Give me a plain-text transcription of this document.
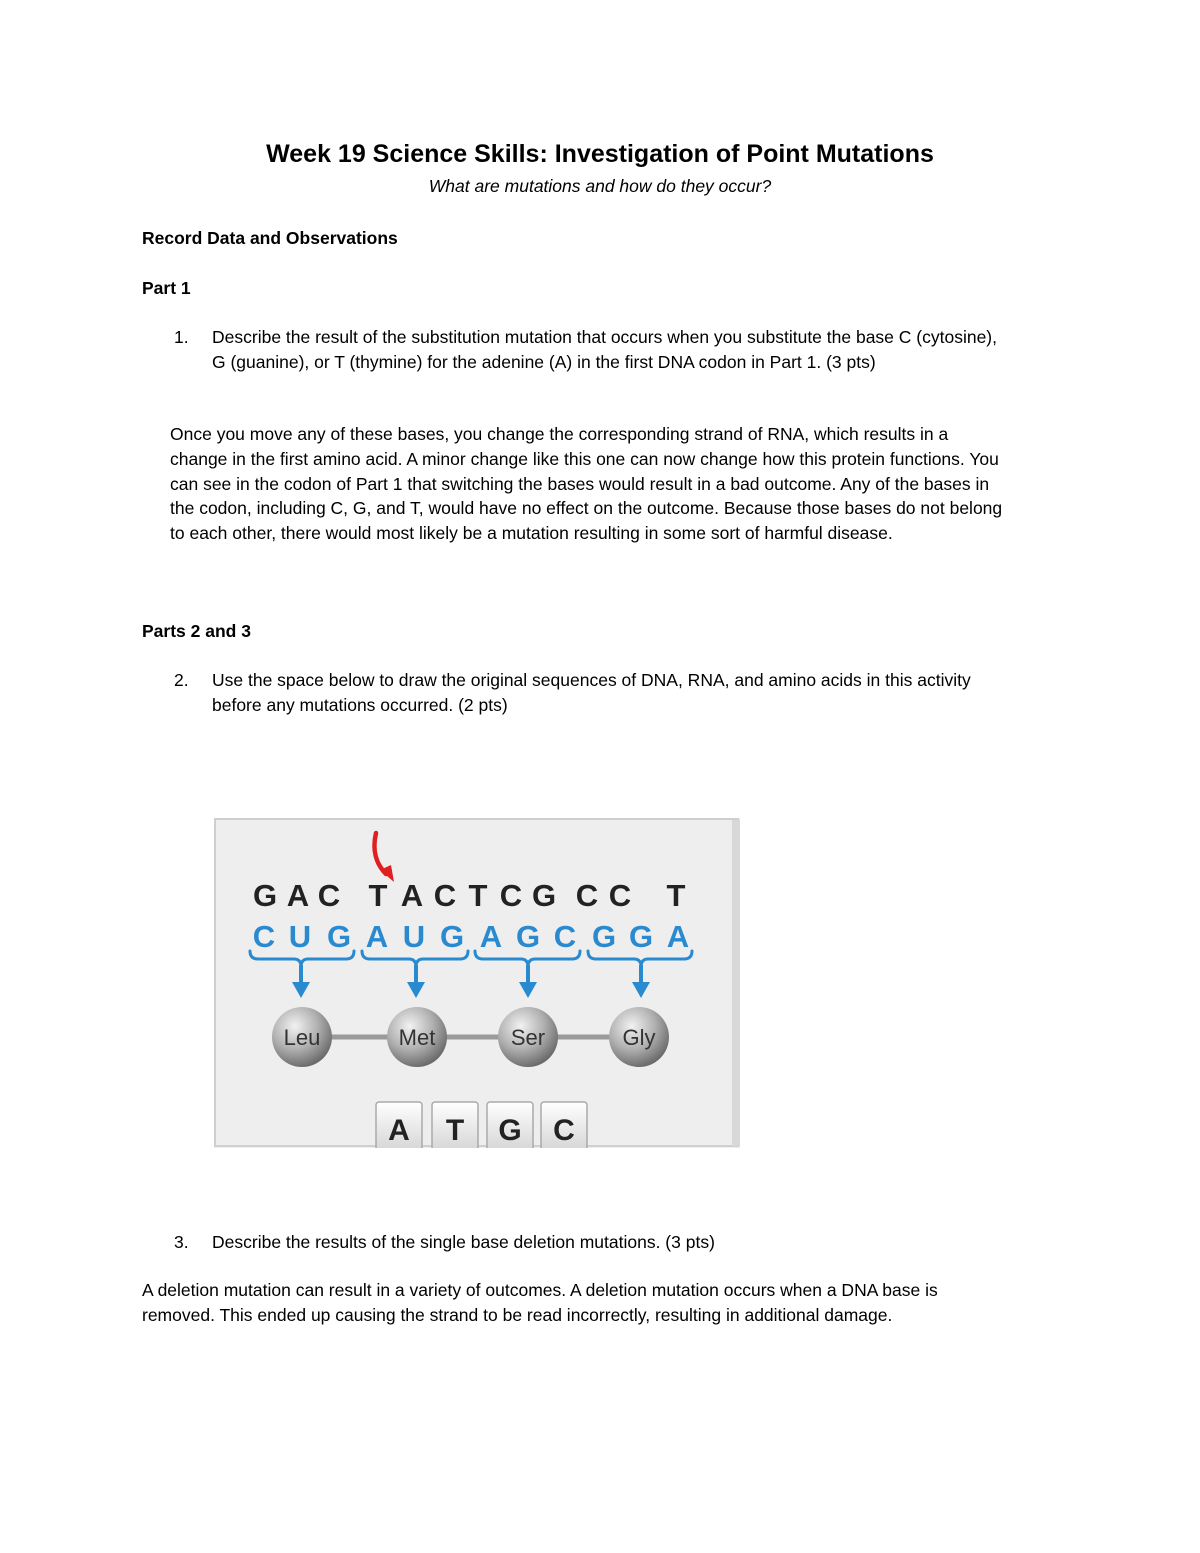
Week 19 Science Skills: Investigation of Point Mutations
What are mutations and how do they occur?
Record Data and Observations
Part 1
1.	Describe the result of the substitution mutation that occurs when you substitute the base C (cytosine),
G (guanine), or T (thymine) for the adenine (A) in the first DNA codon in Part 1. (3 pts)
Once you move any of these bases, you change the corresponding strand of RNA, which results in a
change in the first amino acid. A minor change like this one can now change how this protein functions. You
can see in the codon of Part 1 that switching the bases would result in a bad outcome. Any of the bases in
the codon, including C, G, and T, would have no effect on the outcome. Because those bases do not belong
to each other, there would most likely be a mutation resulting in some sort of harmful disease.
Parts 2 and 3
2.	Use the space below to draw the original sequences of DNA, RNA, and amino acids in this activity
before any mutations occurred. (2 pts)
G A C T A C T C G C C T
C U G A U G A G C G G A
Leu	Met	Ser	Gly
A T G C
3.	Describe the results of the single base deletion mutations. (3 pts)
A deletion mutation can result in a variety of outcomes. A deletion mutation occurs when a DNA base is
removed. This ended up causing the strand to be read incorrectly, resulting in additional damage.
